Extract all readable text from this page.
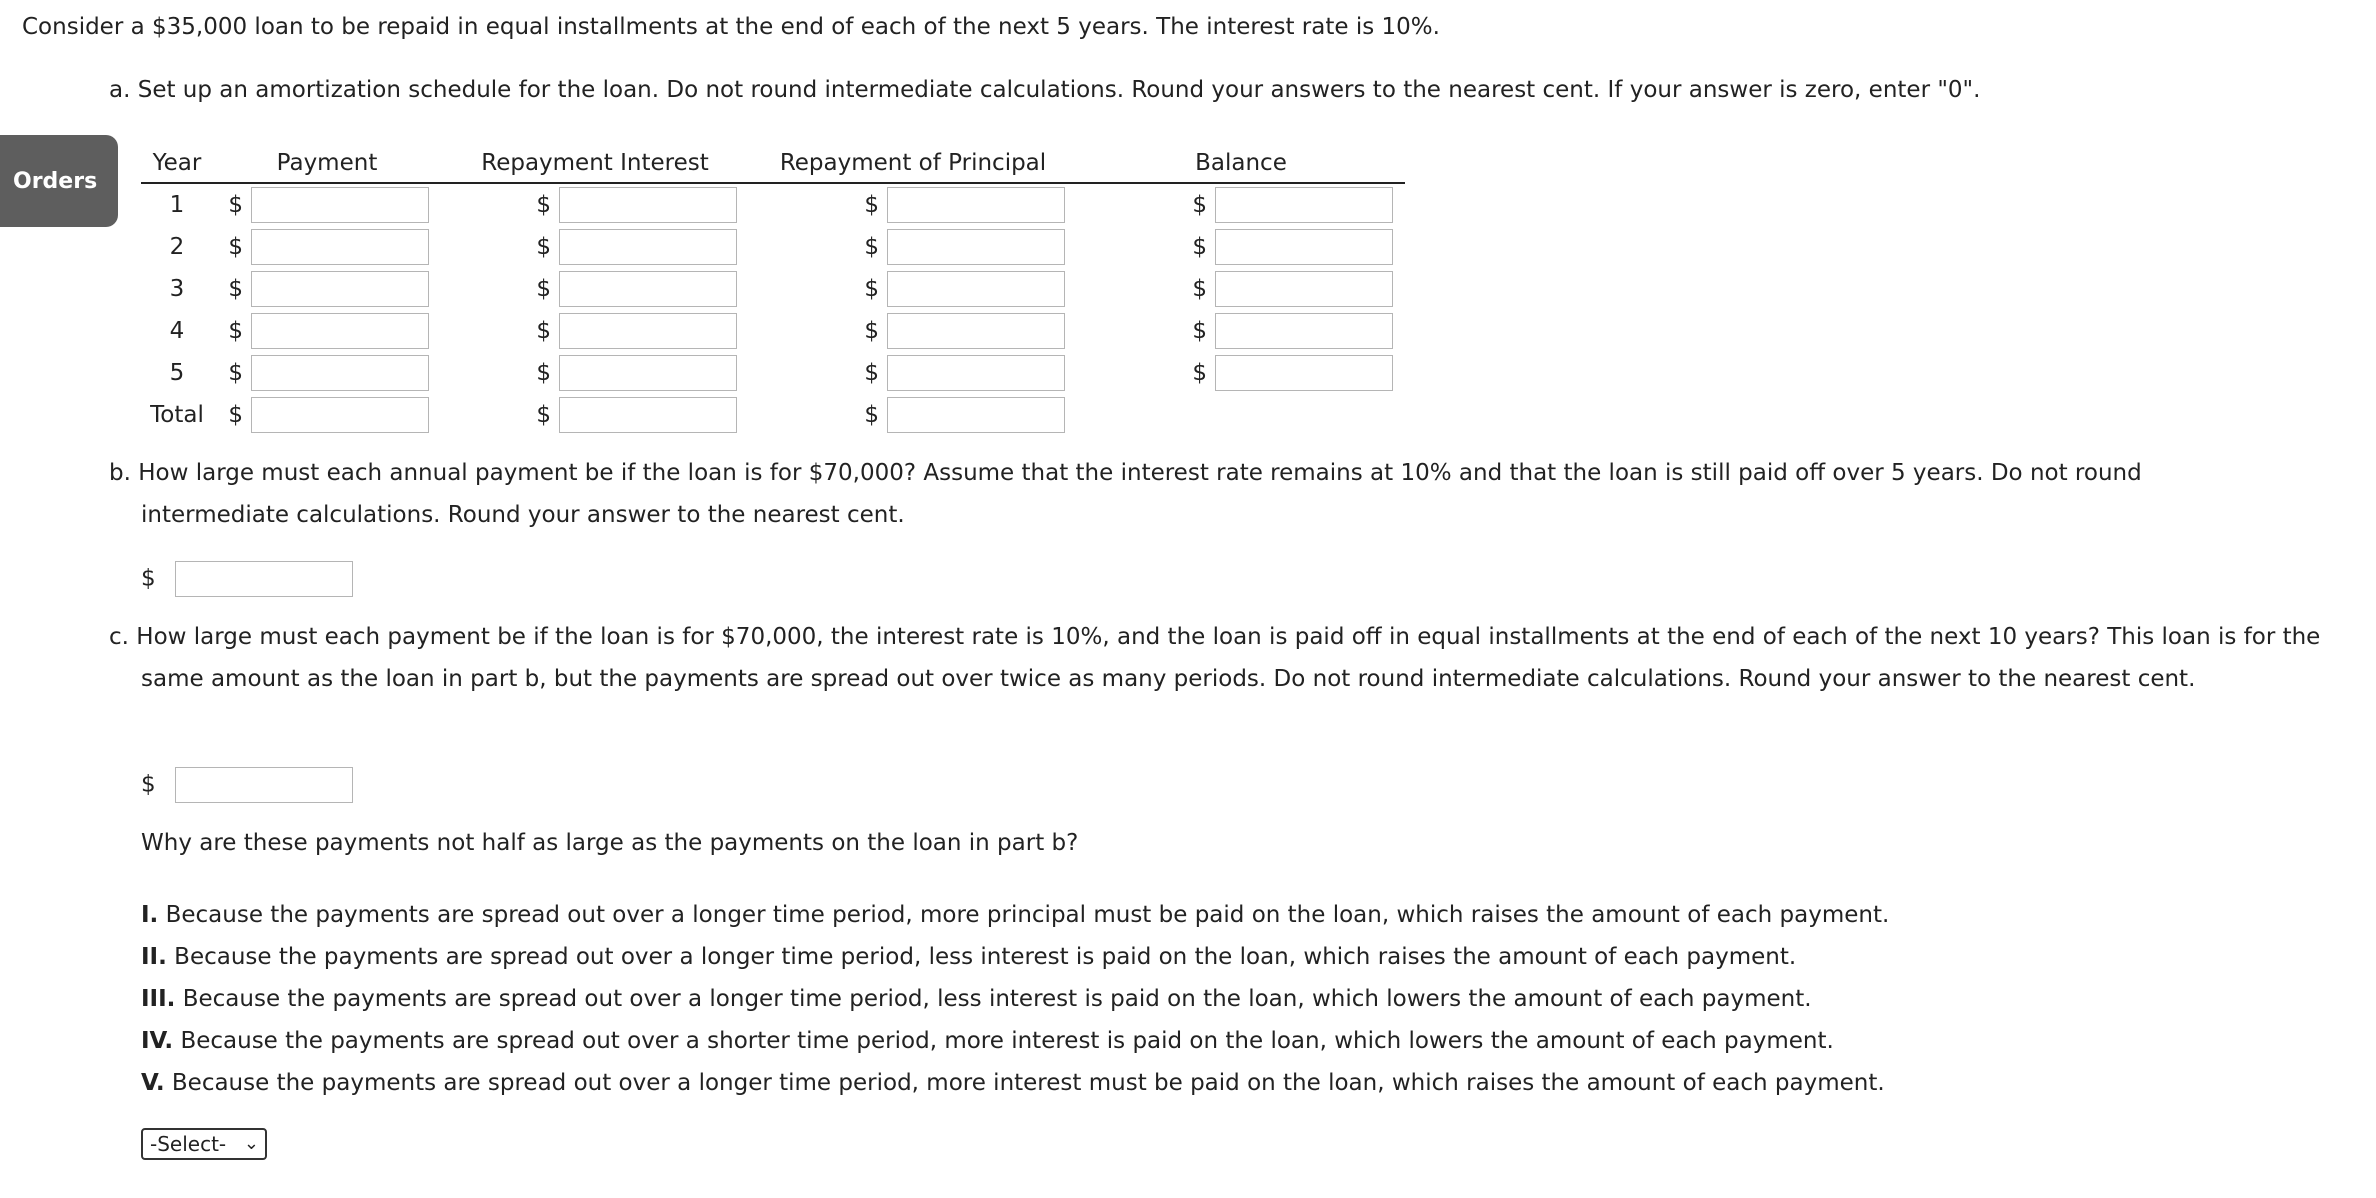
Consider a $35,000 loan to be repaid in equal installments at the end of each of the next 5 years. The interest rate is 10%.
a. Set up an amortization schedule for the loan. Do not round intermediate calculations. Round your answers to the nearest cent. If your answer is zero, enter "0".
Orders
Year	Payment		Repayment Interest		Repayment of Principal		Balance	
1	$		$		$		$	
2	$		$		$		$	
3	$		$		$		$	
4	$		$		$		$	
5	$		$		$		$	
Total	$		$		$			
b. How large must each annual payment be if the loan is for $70,000? Assume that the interest rate remains at 10% and that the loan is still paid off over 5 years. Do not round intermediate calculations. Round your answer to the nearest cent.
$
c. How large must each payment be if the loan is for $70,000, the interest rate is 10%, and the loan is paid off in equal installments at the end of each of the next 10 years? This loan is for the same amount as the loan in part b, but the payments are spread out over twice as many periods. Do not round intermediate calculations. Round your answer to the nearest cent.
$
Why are these payments not half as large as the payments on the loan in part b?
I. Because the payments are spread out over a longer time period, more principal must be paid on the loan, which raises the amount of each payment.
II. Because the payments are spread out over a longer time period, less interest is paid on the loan, which raises the amount of each payment.
III. Because the payments are spread out over a longer time period, less interest is paid on the loan, which lowers the amount of each payment.
IV. Because the payments are spread out over a shorter time period, more interest is paid on the loan, which lowers the amount of each payment.
V. Because the payments are spread out over a longer time period, more interest must be paid on the loan, which raises the amount of each payment.
-Select- ⌄
